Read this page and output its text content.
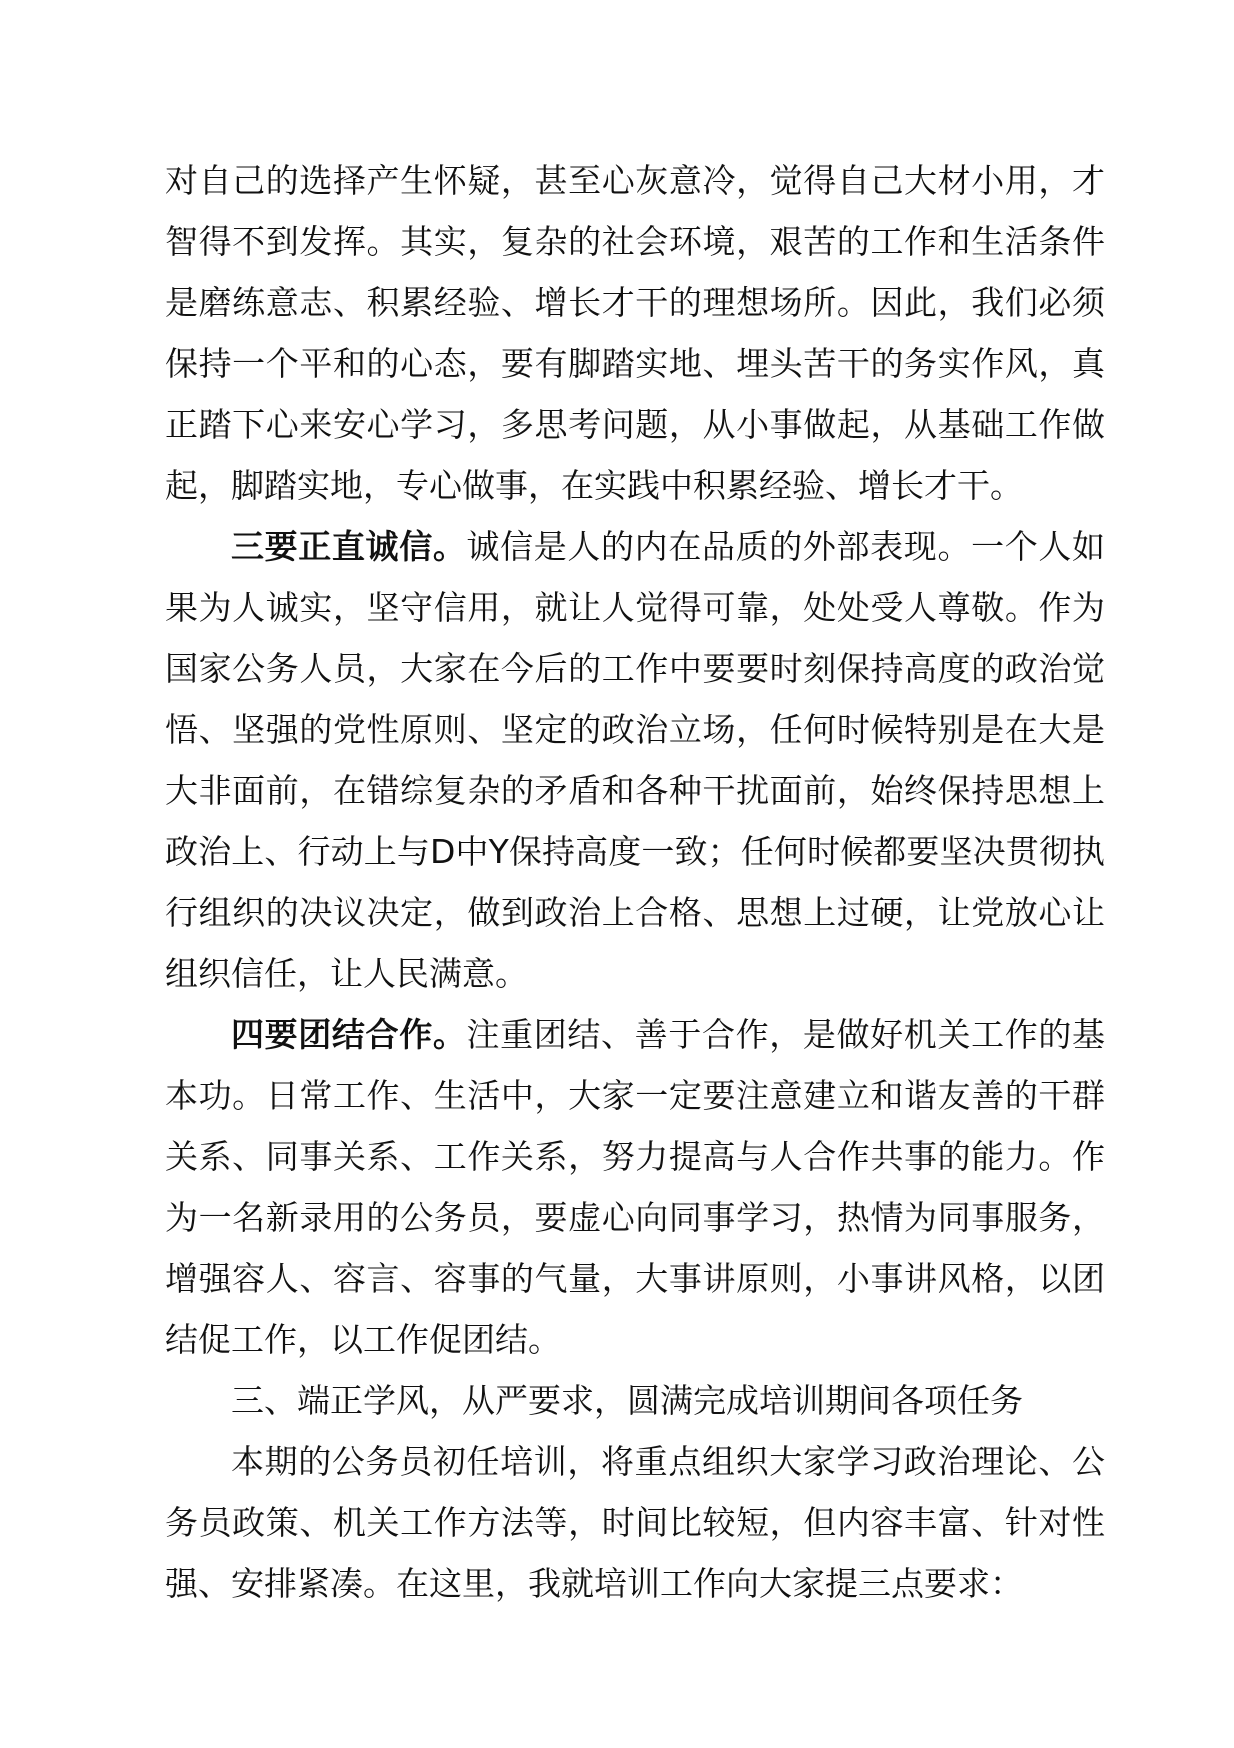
对自己的选择产生怀疑，甚至心灰意冷，觉得自己大材小用，才智得不到发挥。其实，复杂的社会环境，艰苦的工作和生活条件是磨练意志、积累经验、增长才干的理想场所。因此，我们必须保持一个平和的心态，要有脚踏实地、埋头苦干的务实作风，真正踏下心来安心学习，多思考问题，从小事做起，从基础工作做起，脚踏实地，专心做事，在实践中积累经验、增长才干。

三要正直诚信。诚信是人的内在品质的外部表现。一个人如果为人诚实，坚守信用，就让人觉得可靠，处处受人尊敬。作为国家公务人员，大家在今后的工作中要要时刻保持高度的政治觉悟、坚强的党性原则、坚定的政治立场，任何时候特别是在大是大非面前，在错综复杂的矛盾和各种干扰面前，始终保持思想上政治上、行动上与D中Y保持高度一致；任何时候都要坚决贯彻执行组织的决议决定，做到政治上合格、思想上过硬，让党放心让组织信任，让人民满意。

四要团结合作。注重团结、善于合作，是做好机关工作的基本功。日常工作、生活中，大家一定要注意建立和谐友善的干群关系、同事关系、工作关系，努力提高与人合作共事的能力。作为一名新录用的公务员，要虚心向同事学习，热情为同事服务，增强容人、容言、容事的气量，大事讲原则，小事讲风格，以团结促工作，以工作促团结。

三、端正学风，从严要求，圆满完成培训期间各项任务

本期的公务员初任培训，将重点组织大家学习政治理论、公务员政策、机关工作方法等，时间比较短，但内容丰富、针对性强、安排紧凑。在这里，我就培训工作向大家提三点要求：
